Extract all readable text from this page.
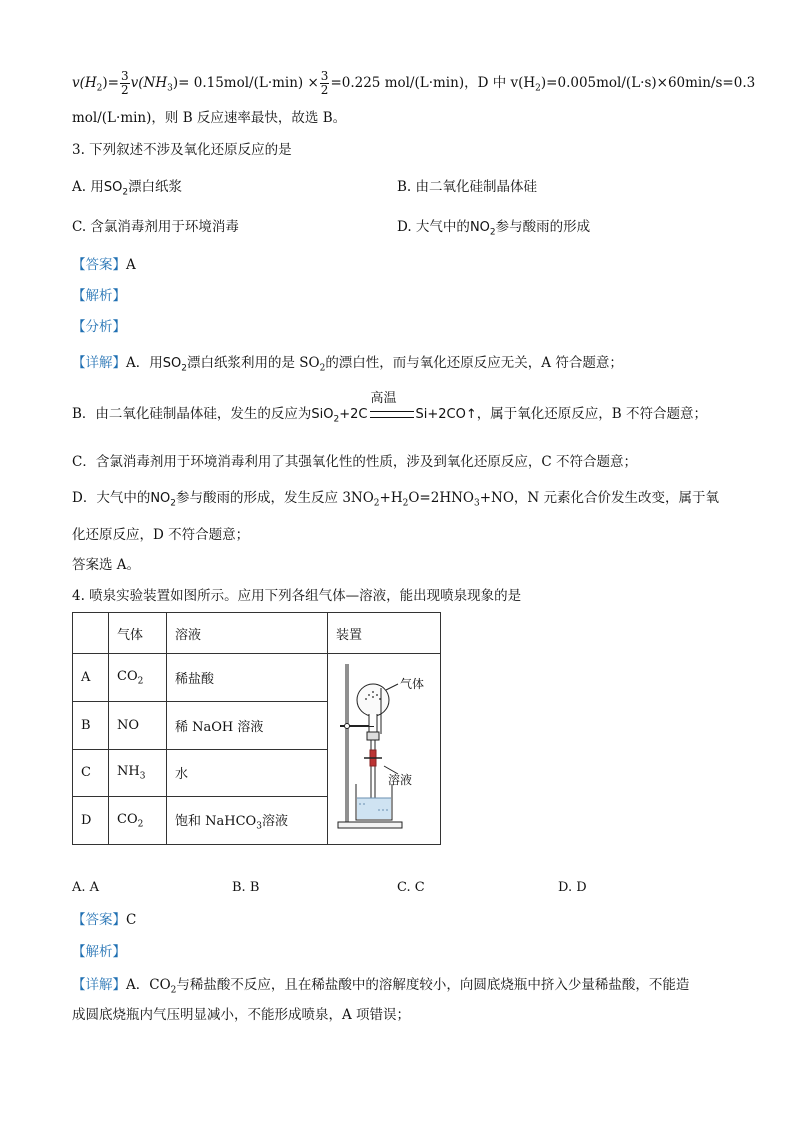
$v(H_2)= \frac{3}{2} v(NH_3)= 0.15mol/(L\cdot\min) \times \frac{3}{2} =0.225$ mol/(L·min)，D 中 $v(H_2)=0.005mol/(L\cdot s)\times 60\min/s=0.3$
mol/(L·min)，则 B 反应速率最快，故选 B。
3. 下列叙述不涉及氧化还原反应的是
A. 用$SO_2$漂白纸浆	B. 由二氧化硅制晶体硅
C. 含氯消毒剂用于环境消毒	D. 大气中的$NO_2$参与酸雨的形成
【答案】A
【解析】
【分析】
【详解】A．用$SO_2$漂白纸浆利用的是 $SO_2$的漂白性，而与氧化还原反应无关，A 符合题意；
B．由二氧化硅制晶体硅，发生的反应为SiO$_2$+2C
高温
Si+2CO↑，属于氧化还原反应，B 不符合题意；
C．含氯消毒剂用于环境消毒利用了其强氧化性的性质，涉及到氧化还原反应，C 不符合题意；
D．大气中的$NO_2$参与酸雨的形成，发生反应 $3NO_2+H_2O=2HNO_3+NO$，N 元素化合价发生改变，属于氧
化还原反应，D 不符合题意；
答案选 A。
4. 喷泉实验装置如图所示。应用下列各组气体—溶液，能出现喷泉现象的是
	气体	溶液	装置
A	$CO_2$	稀盐酸	气体
溶液

B	NO	稀 NaOH 溶液	
C	$NH_3$	水	
D	$CO_2$	饱和 NaHCO$_3$溶液	
A. A	B. B	C. C	D. D
【答案】C
【解析】
【详解】A．$CO_2$与稀盐酸不反应，且在稀盐酸中的溶解度较小，向圆底烧瓶中挤入少量稀盐酸，不能造
成圆底烧瓶内气压明显减小，不能形成喷泉，A 项错误；
